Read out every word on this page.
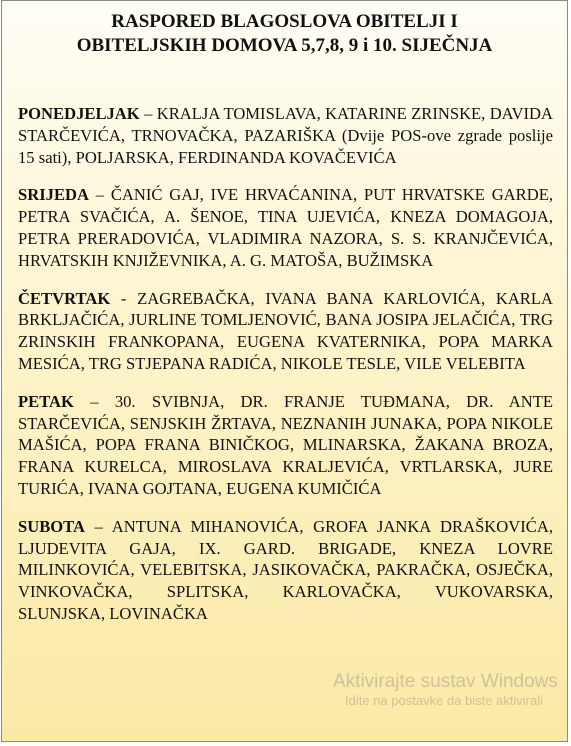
RASPORED BLAGOSLOVA OBITELJI I
OBITELJSKIH DOMOVA 5,7,8, 9 i 10. SIJEČNJA

PONEDJELJAK – KRALJA TOMISLAVA, KATARINE ZRINSKE, DAVIDA STARČEVIĆA, TRNOVAČKA, PAZARIŠKA (Dvije POS-ove zgrade poslije 15 sati), POLJARSKA, FERDINANDA KOVAČEVIĆA

SRIJEDA – ČANIĆ GAJ, IVE HRVAĆANINA, PUT HRVATSKE GARDE, PETRA SVAČIĆA, A. ŠENOE, TINA UJEVIĆA, KNEZA DOMAGOJA, PETRA PRERADOVIĆA, VLADIMIRA NAZORA, S. S. KRANJČEVIĆA, HRVATSKIH KNJIŽEVNIKA, A. G. MATOŠA, BUŽIMSKA

ČETVRTAK - ZAGREBAČKA, IVANA BANA KARLOVIĆA, KARLA BRKLJAČIĆA, JURLINE TOMLJENOVIĆ, BANA JOSIPA JELAČIĆA, TRG ZRINSKIH FRANKOPANA, EUGENA KVATERNIKA, POPA MARKA MESIĆA, TRG STJEPANA RADIĆA, NIKOLE TESLE, VILE VELEBITA

PETAK – 30. SVIBNJA, DR. FRANJE TUĐMANA, DR. ANTE STARČEVIĆA, SENJSKIH ŽRTAVA, NEZNANIH JUNAKA, POPA NIKOLE MAŠIĆA, POPA FRANA BINIČKOG, MLINARSKA, ŽAKANA BROZA, FRANA KURELCA, MIROSLAVA KRALJEVIĆA, VRTLARSKA, JURE TURIĆA, IVANA GOJTANA, EUGENA KUMIČIĆA

SUBOTA – ANTUNA MIHANOVIĆA, GROFA JANKA DRAŠKOVIĆA, LJUDEVITA GAJA, IX. GARD. BRIGADE, KNEZA LOVRE MILINKOVIĆA, VELEBITSKA, JASIKOVAČKA, PAKRAČKA, OSJEČKA, VINKOVAČKA, SPLITSKA, KARLOVAČKA, VUKOVARSKA, SLUNJSKA, LOVINAČKA

Aktivirajte sustav Windows
Idite na postavke da biste aktivirali
